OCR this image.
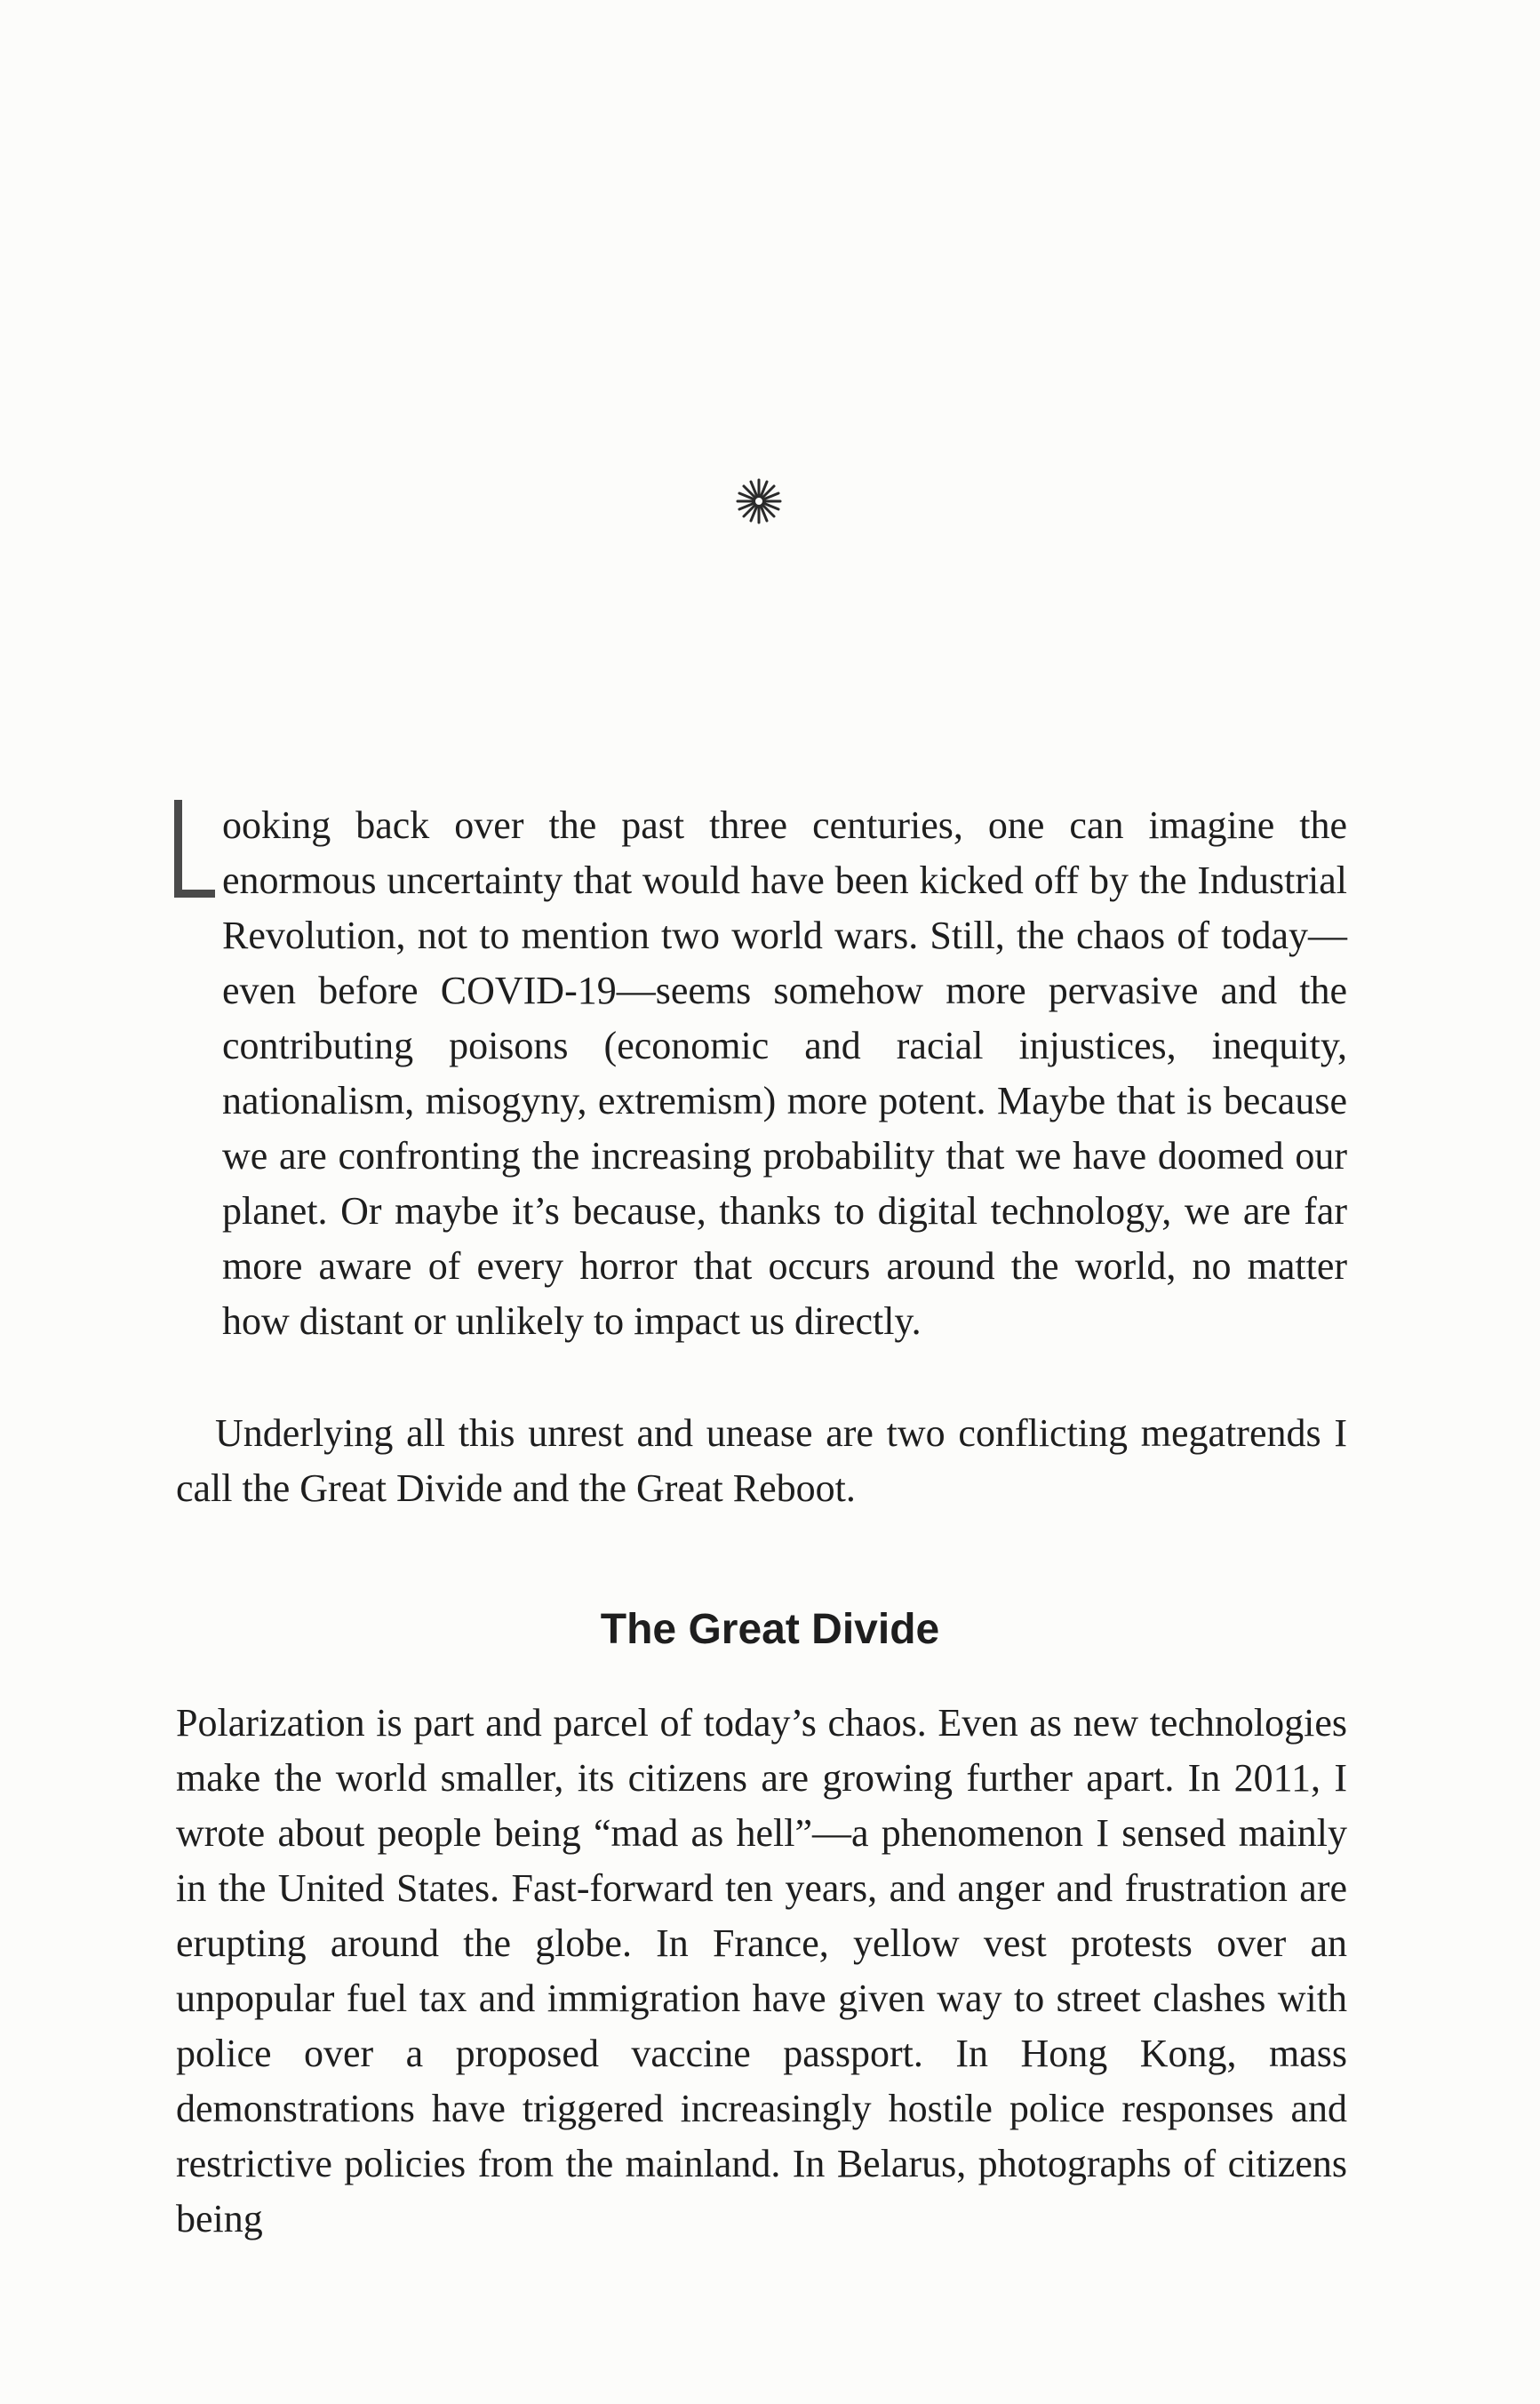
ooking back over the past three centuries, one can imagine the enormous uncertainty that would have been kicked off by the Industrial Revolution, not to mention two world wars. Still, the chaos of today—even before COVID-19—seems somehow more pervasive and the contributing poisons (economic and racial injustices, inequity, nationalism, misogyny, extremism) more potent. Maybe that is because we are confronting the increasing probability that we have doomed our planet. Or maybe it’s because, thanks to digital technology, we are far more aware of every horror that occurs around the world, no matter how distant or unlikely to impact us directly.

Underlying all this unrest and unease are two conflicting megatrends I call the Great Divide and the Great Reboot.

The Great Divide

Polarization is part and parcel of today’s chaos. Even as new technologies make the world smaller, its citizens are growing further apart. In 2011, I wrote about people being “mad as hell”—a phenomenon I sensed mainly in the United States. Fast-forward ten years, and anger and frustration are erupting around the globe. In France, yellow vest protests over an unpopular fuel tax and immigration have given way to street clashes with police over a proposed vaccine passport. In Hong Kong, mass demonstrations have triggered increasingly hostile police responses and restrictive policies from the mainland. In Belarus, photographs of citizens being
